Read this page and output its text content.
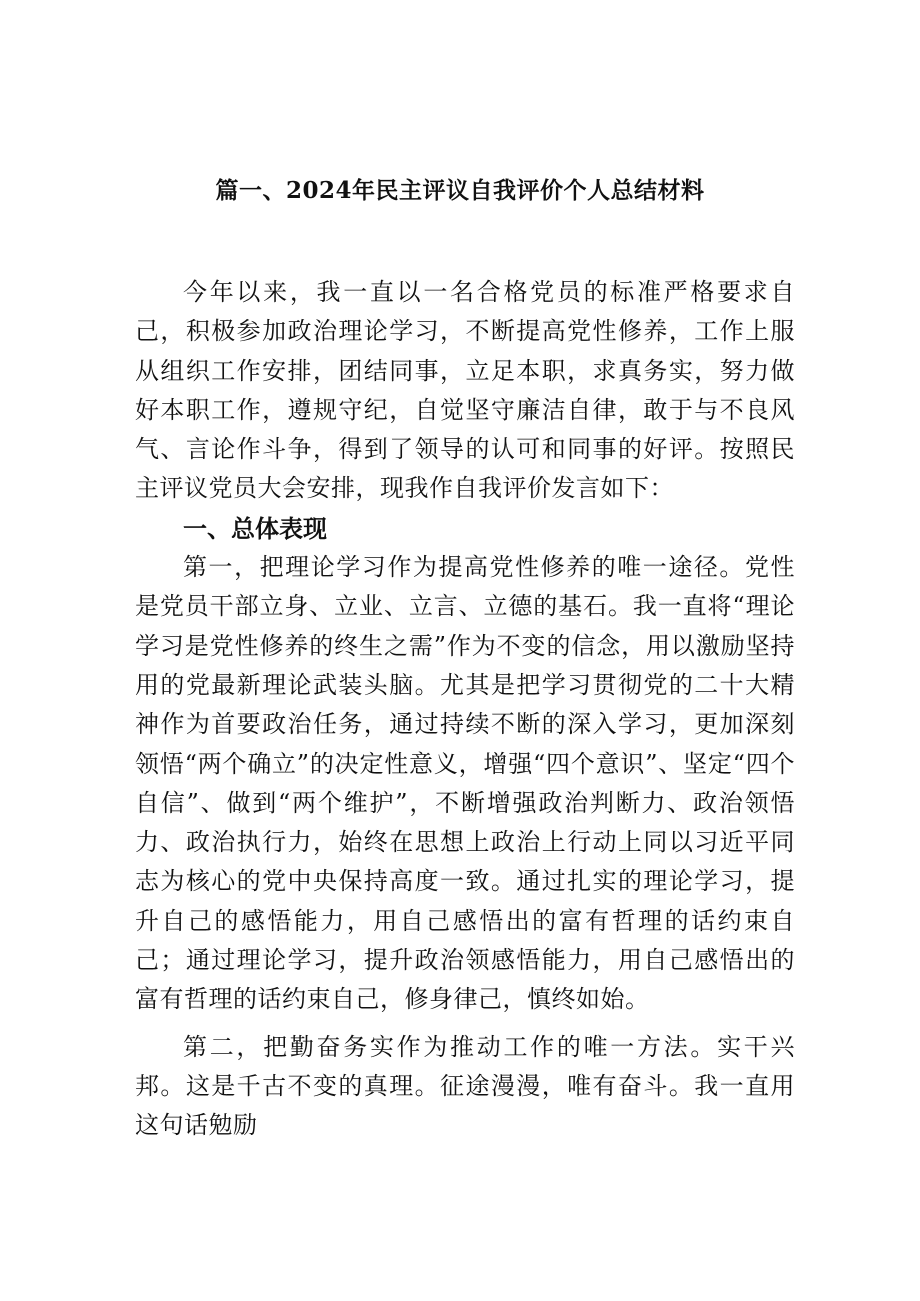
篇一、2024年民主评议自我评价个人总结材料

今年以来，我一直以一名合格党员的标准严格要求自己，积极参加政治理论学习，不断提高党性修养，工作上服从组织工作安排，团结同事，立足本职，求真务实，努力做好本职工作，遵规守纪，自觉坚守廉洁自律，敢于与不良风气、言论作斗争，得到了领导的认可和同事的好评。按照民主评议党员大会安排，现我作自我评价发言如下：

一、总体表现

第一，把理论学习作为提高党性修养的唯一途径。党性是党员干部立身、立业、立言、立德的基石。我一直将“理论学习是党性修养的终生之需”作为不变的信念，用以激励坚持用的党最新理论武装头脑。尤其是把学习贯彻党的二十大精神作为首要政治任务，通过持续不断的深入学习，更加深刻领悟“两个确立”的决定性意义，增强“四个意识”、坚定“四个自信”、做到“两个维护”，不断增强政治判断力、政治领悟力、政治执行力，始终在思想上政治上行动上同以习近平同志为核心的党中央保持高度一致。通过扎实的理论学习，提升自己的感悟能力，用自己感悟出的富有哲理的话约束自己；通过理论学习，提升政治领感悟能力，用自己感悟出的富有哲理的话约束自己，修身律己，慎终如始。

第二，把勤奋务实作为推动工作的唯一方法。实干兴邦。这是千古不变的真理。征途漫漫，唯有奋斗。我一直用这句话勉励
